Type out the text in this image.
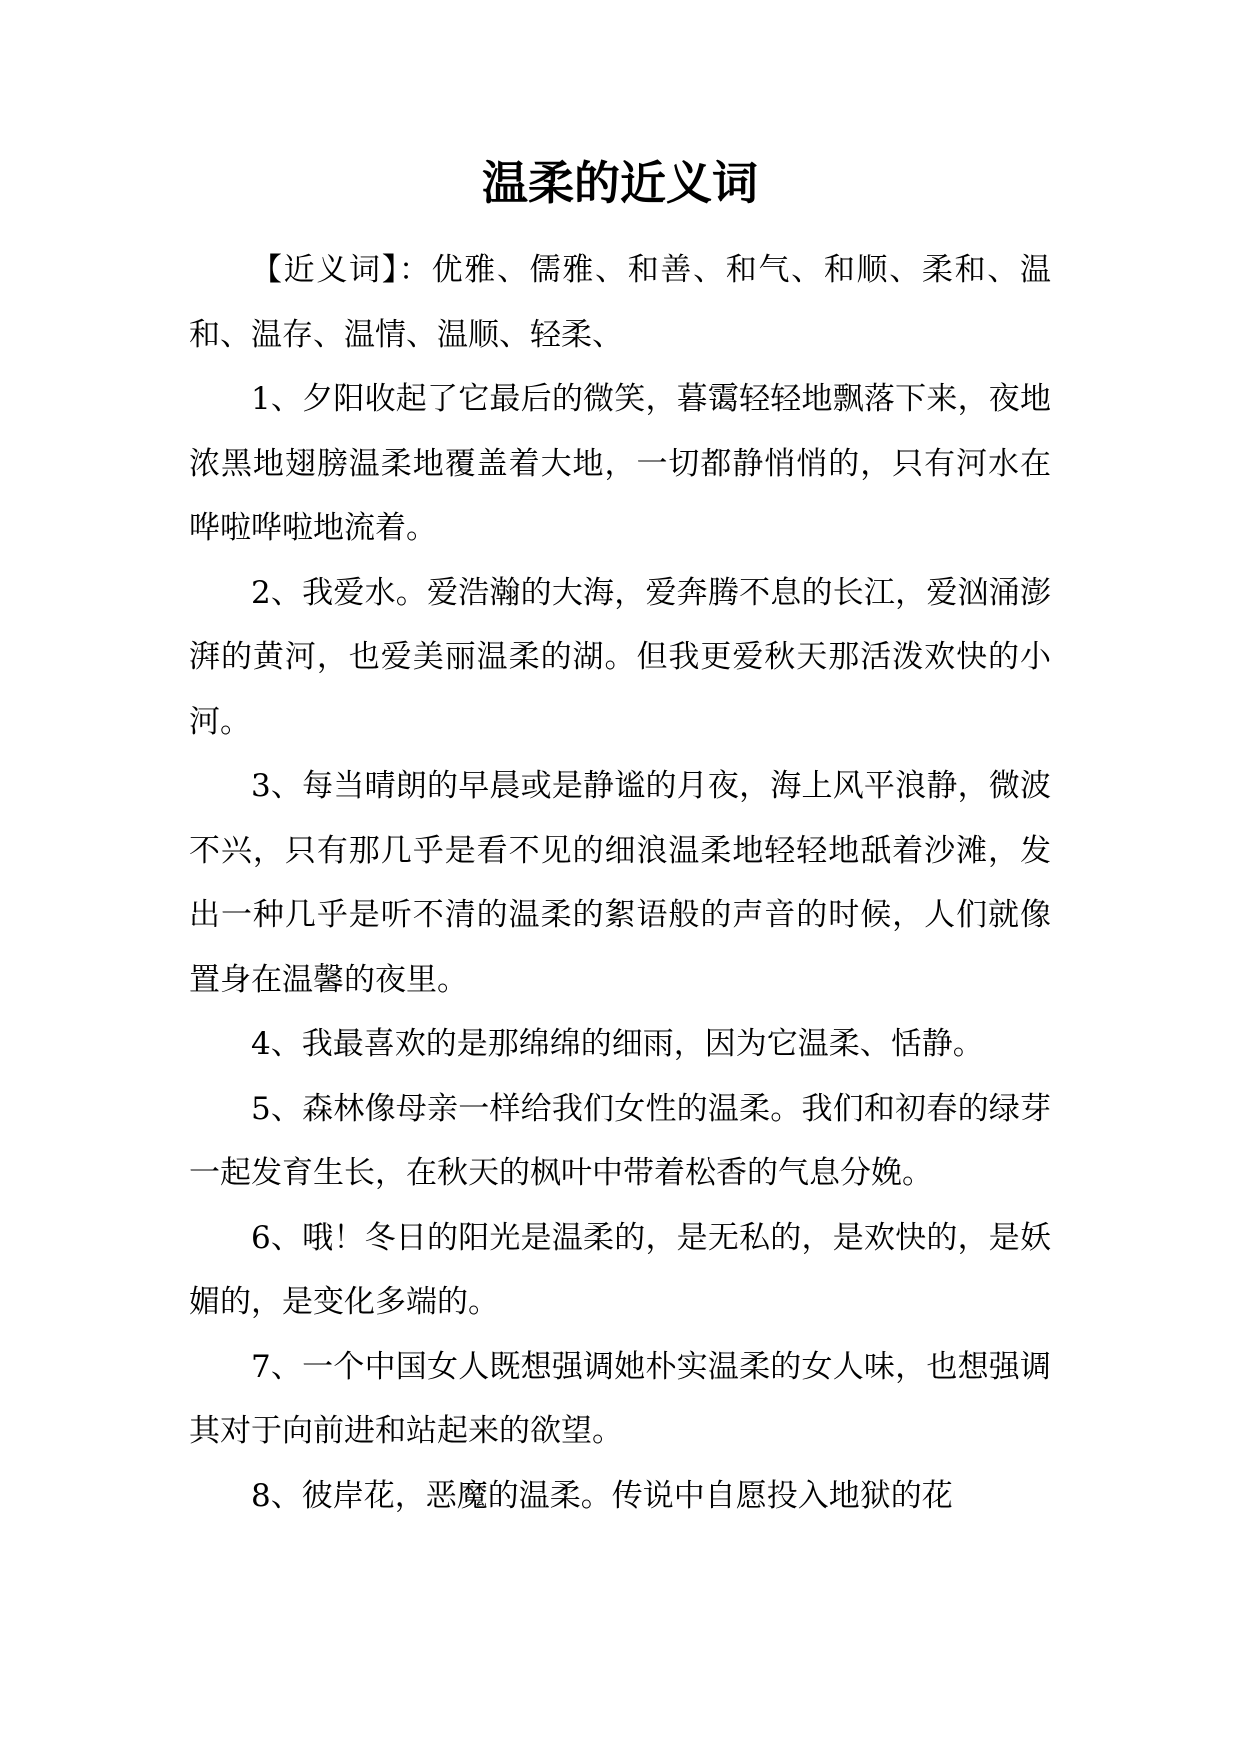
温柔的近义词

【近义词】：优雅、儒雅、和善、和气、和顺、柔和、温和、温存、温情、温顺、轻柔、

1、夕阳收起了它最后的微笑，暮霭轻轻地飘落下来，夜地浓黑地翅膀温柔地覆盖着大地，一切都静悄悄的，只有河水在哗啦哗啦地流着。

2、我爱水。爱浩瀚的大海，爱奔腾不息的长江，爱汹涌澎湃的黄河，也爱美丽温柔的湖。但我更爱秋天那活泼欢快的小河。

3、每当晴朗的早晨或是静谧的月夜，海上风平浪静，微波不兴，只有那几乎是看不见的细浪温柔地轻轻地舐着沙滩，发出一种几乎是听不清的温柔的絮语般的声音的时候，人们就像置身在温馨的夜里。

4、我最喜欢的是那绵绵的细雨，因为它温柔、恬静。

5、森林像母亲一样给我们女性的温柔。我们和初春的绿芽一起发育生长，在秋天的枫叶中带着松香的气息分娩。

6、哦！冬日的阳光是温柔的，是无私的，是欢快的，是妖媚的，是变化多端的。

7、一个中国女人既想强调她朴实温柔的女人味，也想强调其对于向前进和站起来的欲望。

8、彼岸花，恶魔的温柔。传说中自愿投入地狱的花
